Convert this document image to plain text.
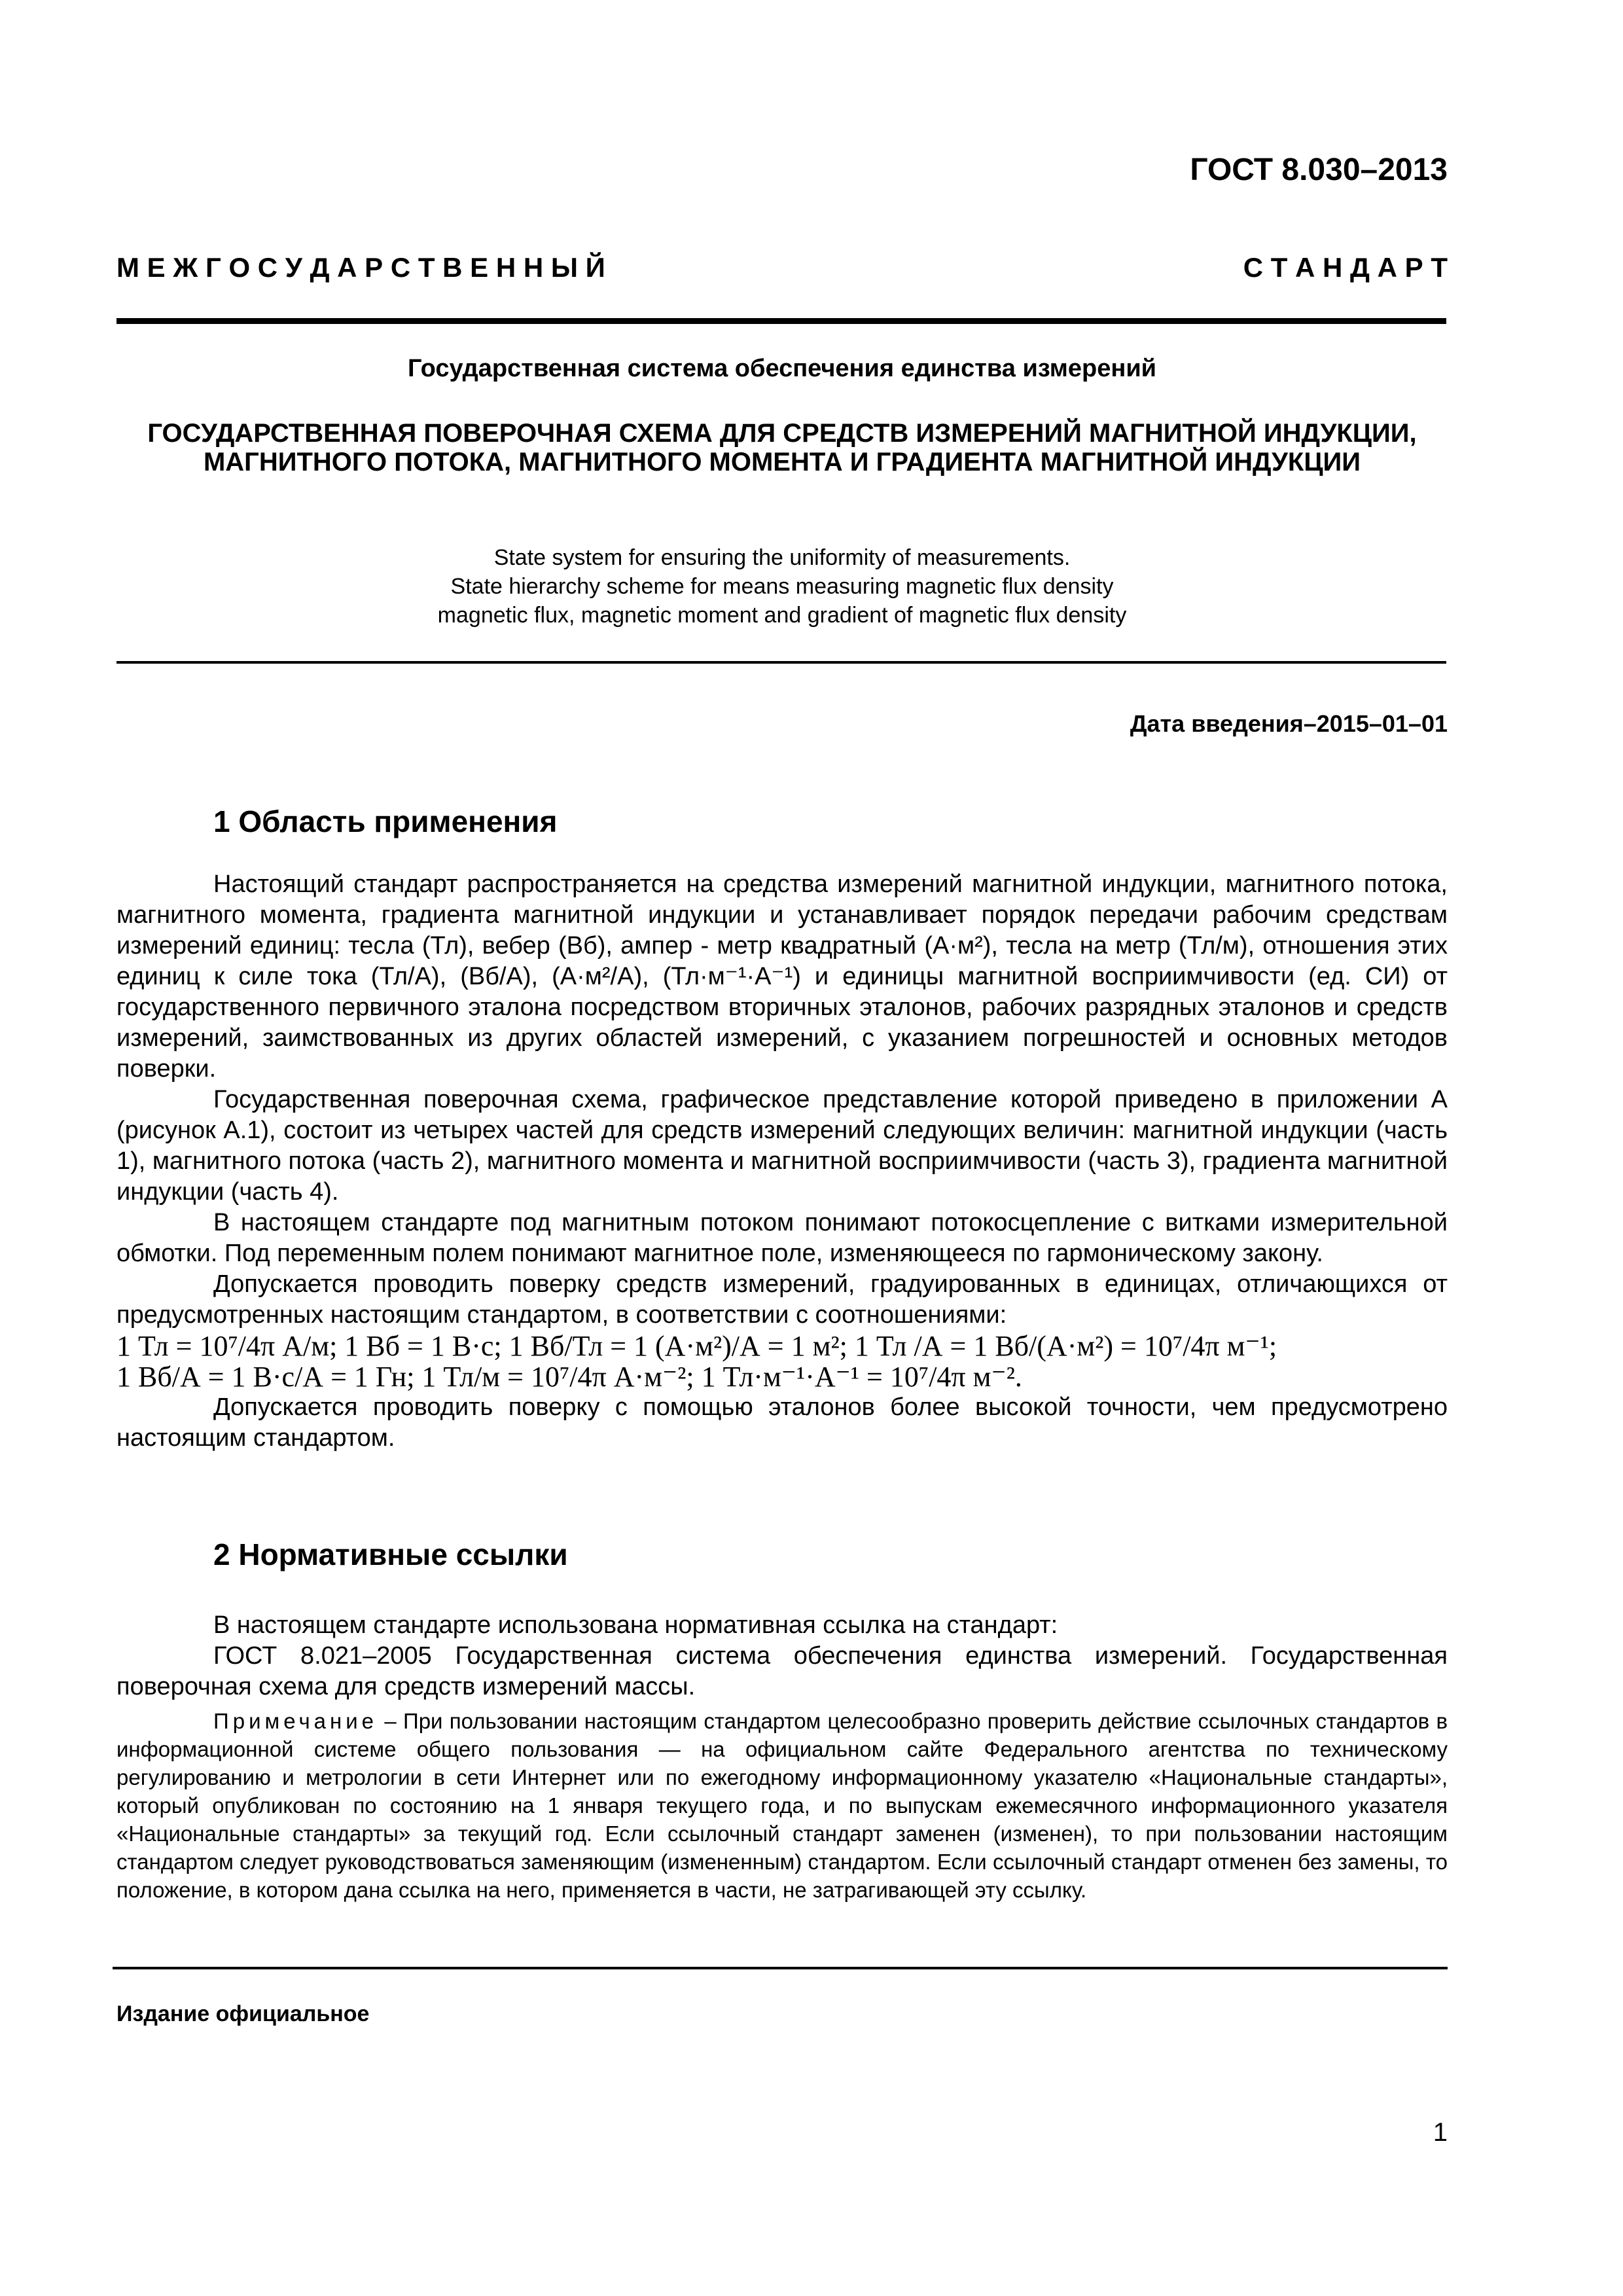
ГОСТ 8.030–2013
М Е Ж Г О С У Д А Р С Т В Е Н Н Ы Й	С Т А Н Д А Р Т
Государственная система обеспечения единства измерений
ГОСУДАРСТВЕННАЯ ПОВЕРОЧНАЯ СХЕМА ДЛЯ СРЕДСТВ ИЗМЕРЕНИЙ МАГНИТНОЙ ИНДУКЦИИ, МАГНИТНОГО ПОТОКА, МАГНИТНОГО МОМЕНТА И ГРАДИЕНТА МАГНИТНОЙ ИНДУКЦИИ
State system for ensuring the uniformity of measurements.
State hierarchy scheme for means measuring magnetic flux density
magnetic flux, magnetic moment and gradient of magnetic flux density
Дата введения–2015–01–01
1 Область применения

Настоящий стандарт распространяется на средства измерений магнитной индукции, магнитного потока, магнитного момента, градиента магнитной индукции и устанавливает порядок передачи рабочим средствам измерений единиц: тесла (Тл), вебер (Вб), ампер - метр квадратный (А·м²), тесла на метр (Тл/м), отношения этих единиц к силе тока (Тл/А), (Вб/А), (А·м²/А), (Тл·м⁻¹·А⁻¹) и единицы магнитной восприимчивости (ед. СИ) от государственного первичного эталона посредством вторичных эталонов, рабочих разрядных эталонов и средств измерений, заимствованных из других областей измерений, с указанием погрешностей и основных методов поверки.

Государственная поверочная схема, графическое представление которой приведено в приложении А (рисунок А.1), состоит из четырех частей для средств измерений следующих величин: магнитной индукции (часть 1), магнитного потока (часть 2), магнитного момента и магнитной восприимчивости (часть 3), градиента магнитной индукции (часть 4).

В настоящем стандарте под магнитным потоком понимают потокосцепление с витками измерительной обмотки. Под переменным полем понимают магнитное поле, изменяющееся по гармоническому закону.

Допускается проводить поверку средств измерений, градуированных в единицах, отличающихся от предусмотренных настоящим стандартом, в соответствии с соотношениями:

1 Тл = 10⁷/4π А/м; 1 Вб = 1 В·с; 1 Вб/Тл = 1 (А·м²)/А = 1 м²; 1 Тл /А = 1 Вб/(А·м²) = 10⁷/4π м⁻¹;

1 Вб/А = 1 В·с/А = 1 Гн; 1 Тл/м = 10⁷/4π А·м⁻²; 1 Тл·м⁻¹·А⁻¹ = 10⁷/4π м⁻².

Допускается проводить поверку с помощью эталонов более высокой точности, чем предусмотрено настоящим стандартом.

2 Нормативные ссылки

В настоящем стандарте использована нормативная ссылка на стандарт:

ГОСТ 8.021–2005 Государственная система обеспечения единства измерений. Государственная поверочная схема для средств измерений массы.

Примечание – При пользовании настоящим стандартом целесообразно проверить действие ссылочных стандартов в информационной системе общего пользования — на официальном сайте Федерального агентства по техническому регулированию и метрологии в сети Интернет или по ежегодному информационному указателю «Национальные стандарты», который опубликован по состоянию на 1 января текущего года, и по выпускам ежемесячного информационного указателя «Национальные стандарты» за текущий год. Если ссылочный стандарт заменен (изменен), то при пользовании настоящим стандартом следует руководствоваться заменяющим (измененным) стандартом. Если ссылочный стандарт отменен без замены, то положение, в котором дана ссылка на него, применяется в части, не затрагивающей эту ссылку.

Издание официальное
1
